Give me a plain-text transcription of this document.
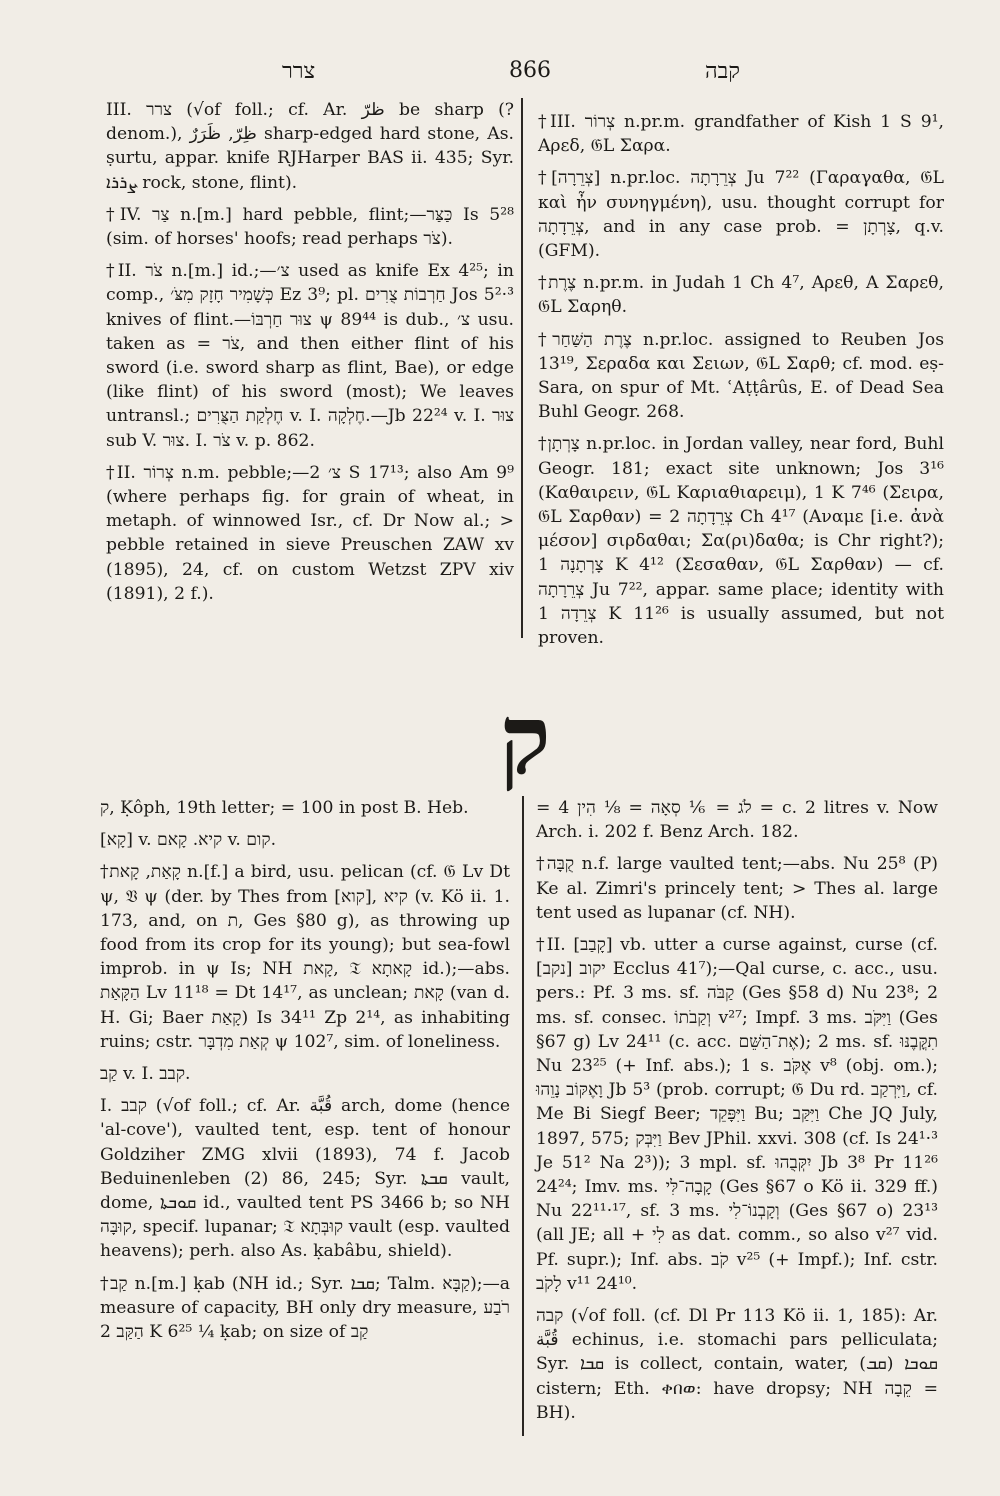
צרר	866	קבה

III. צרר (√of foll.; cf. Ar. ظرّ be sharp (? denom.), ظِرّ, ظَرَرٌ sharp-edged hard stone, As. ṣurtu, appar. knife RJHarper BAS ii. 435; Syr. ܨܪܪܐ rock, stone, flint).

†IV. צַר n.[m.] hard pebble, flint;—כַּצַּר Is 5²⁸ (sim. of horses' hoofs; read perhaps צֹר).

†II. צֹר n.[m.] id.;—צ׳ used as knife Ex 4²⁵; in comp., כְּשָׁמִיר חָזָק מִצֹּ׳ Ez 3⁹; pl. חַרְבוֹת צֻרִים Jos 5²·³ knives of flint.—צוּר חַרְבּוֹ ψ 89⁴⁴ is dub., צ׳ usu. taken as = צֹר, and then either flint of his sword (i.e. sword sharp as flint, Bae), or edge (like flint) of his sword (most); We leaves untransl.; חֶלְקַת הַצֻּרִים v. I. חֶלְקָה.—Jb 22²⁴ v. I. צוּר sub V. צוּר. I. צֹר v. p. 862.

†II. צְרוֹר n.m. pebble;—צ׳ 2 S 17¹³; also Am 9⁹ (where perhaps fig. for grain of wheat, in metaph. of winnowed Isr., cf. Dr Now al.; > pebble retained in sieve Preuschen ZAW xv (1895), 24, cf. on custom Wetzst ZPV xiv (1891), 2 f.).

†III. צְרוֹר n.pr.m. grandfather of Kish 1 S 9¹, Αρεδ, 𝔊L Σαρα.

†[צְרֵרָה] n.pr.loc. צְרֵרָתָה Ju 7²² (Γαραγαθα, 𝔊L καὶ ἦν συνηγμένη), usu. thought corrupt for צְרֵדָתָה, and in any case prob. = צָרְתָן, q.v. (GFM).

†צֶרֶת n.pr.m. in Judah 1 Ch 4⁷, Αρεθ, A Σαρεθ, 𝔊L Σαρηθ.

†צֶרֶת הַשַּׁחַר n.pr.loc. assigned to Reuben Jos 13¹⁹, Σεραδα και Σειων, 𝔊L Σαρθ; cf. mod. eṣ-Sara, on spur of Mt. ʿAṭṭârûs, E. of Dead Sea Buhl Geogr. 268.

†צָרְתָן n.pr.loc. in Jordan valley, near ford, Buhl Geogr. 181; exact site unknown; Jos 3¹⁶ (Καθαιρειν, 𝔊L Καριαθιαρειμ), 1 K 7⁴⁶ (Σειρα, 𝔊L Σαρθαν) = צְרֵדָתָה 2 Ch 4¹⁷ (Αναμε [i.e. ἀνὰ μέσον] σιρδαθαι; Σα(ρι)δαθα; is Chr right?); צָרְתָנָה 1 K 4¹² (Σεσαθαν, 𝔊L Σαρθαν) — cf. צְרֵרָתָה Ju 7²², appar. same place; identity with צְרֵדָה 1 K 11²⁶ is usually assumed, but not proven.

ק

ק, Ḳôph, 19th letter; = 100 in post B. Heb.

[קָא] v. קיא. קָאם v. קום.

†קָאַת, קָאת n.[f.] a bird, usu. pelican (cf. 𝔊 Lv Dt ψ, 𝔙 ψ (der. by Thes from [קוא], קיא (v. Kö ii. 1. 173, and, on ת, Ges §80 g), as throwing up food from its crop for its young); but sea-fowl improb. in ψ Is; NH קָאת, 𝔗 קָאתָא id.);—abs. הַקָּאַת Lv 11¹⁸ = Dt 14¹⁷, as unclean; קָאת (van d. H. Gi; Baer קָאַת) Is 34¹¹ Zp 2¹⁴, as inhabiting ruins; cstr. קְאַת מִדְבָּר ψ 102⁷, sim. of loneliness.

קַב v. I. קבב.

I. קבב (√of foll.; cf. Ar. قُبَّة arch, dome (hence 'al-cove'), vaulted tent, esp. tent of honour Goldziher ZMG xlvii (1893), 74 f. Jacob Beduinenleben (2) 86, 245; Syr. ܩܒܬܐ vault, dome, ܩܘܒܬܐ id., vaulted tent PS 3466 b; so NH קוּבָּה, specif. lupanar; 𝔗 קוּבְּתָא vault (esp. vaulted heavens); perh. also As. ḳabâbu, shield).

†קַב n.[m.] ḳab (NH id.; Syr. ܩܒܐ; Talm. קַבָּא);—a measure of capacity, BH only dry measure, רֹבַע הַקַּב 2 K 6²⁵ ¼ ḳab; on size of קַב

= 4 לֹג = ⅙ סְאָה = ⅛ הִין = c. 2 litres v. Now Arch. i. 202 f. Benz Arch. 182.

†קֻבָּה n.f. large vaulted tent;—abs. Nu 25⁸ (P) Ke al. Zimri's princely tent; > Thes al. large tent used as lupanar (cf. NH).

†II. [קָבַב] vb. utter a curse against, curse (cf. [נקב] יקוב Ecclus 41⁷);—Qal curse, c. acc., usu. pers.: Pf. 3 ms. sf. קַבֹּה (Ges §58 d) Nu 23⁸; 2 ms. sf. consec. וְקַבֹתוֹ v²⁷; Impf. 3 ms. וַיִּקֹּב (Ges §67 g) Lv 24¹¹ (c. acc. אֶת־הַשֵּׁם); 2 ms. sf. תִקֳּבֶנּוּ Nu 23²⁵ (+ Inf. abs.); 1 s. אֶקֹּב v⁸ (obj. om.); וָאֶקּוֹב נָוֵהוּ Jb 5³ (prob. corrupt; 𝔊 Du rd. וַיִּרְקַב, cf. Me Bi Siegf Beer; וַיִּפָּקֵד Bu; וַיִּקַּב Che JQ July, 1897, 575; וַיִּבְּק Bev JPhil. xxvi. 308 (cf. Is 24¹·³ Je 51² Na 2³)); 3 mpl. sf. יִקְּבֻהוּ Jb 3⁸ Pr 11²⁶ 24²⁴; Imv. ms. קָבָה־לִּי (Ges §67 o Kö ii. 329 ff.) Nu 22¹¹·¹⁷, sf. 3 ms. וְקָבְנוֹ־לִי (Ges §67 o) 23¹³ (all JE; all + לִי as dat. comm., so also v²⁷ vid. Pf. supr.); Inf. abs. קֹב v²⁵ (+ Impf.); Inf. cstr. לָקֹב v¹¹ 24¹⁰.

קבה (√of foll. (cf. Dl Pr 113 Kö ii. 1, 185): Ar. قُبَّة echinus, i.e. stomachi pars pelliculata; Syr. ܩܒܐ is collect, contain, water, ܩܘܒܐ (ܩܒ) cistern; Eth. ቀበወ: have dropsy; NH קֵבָה = BH).
